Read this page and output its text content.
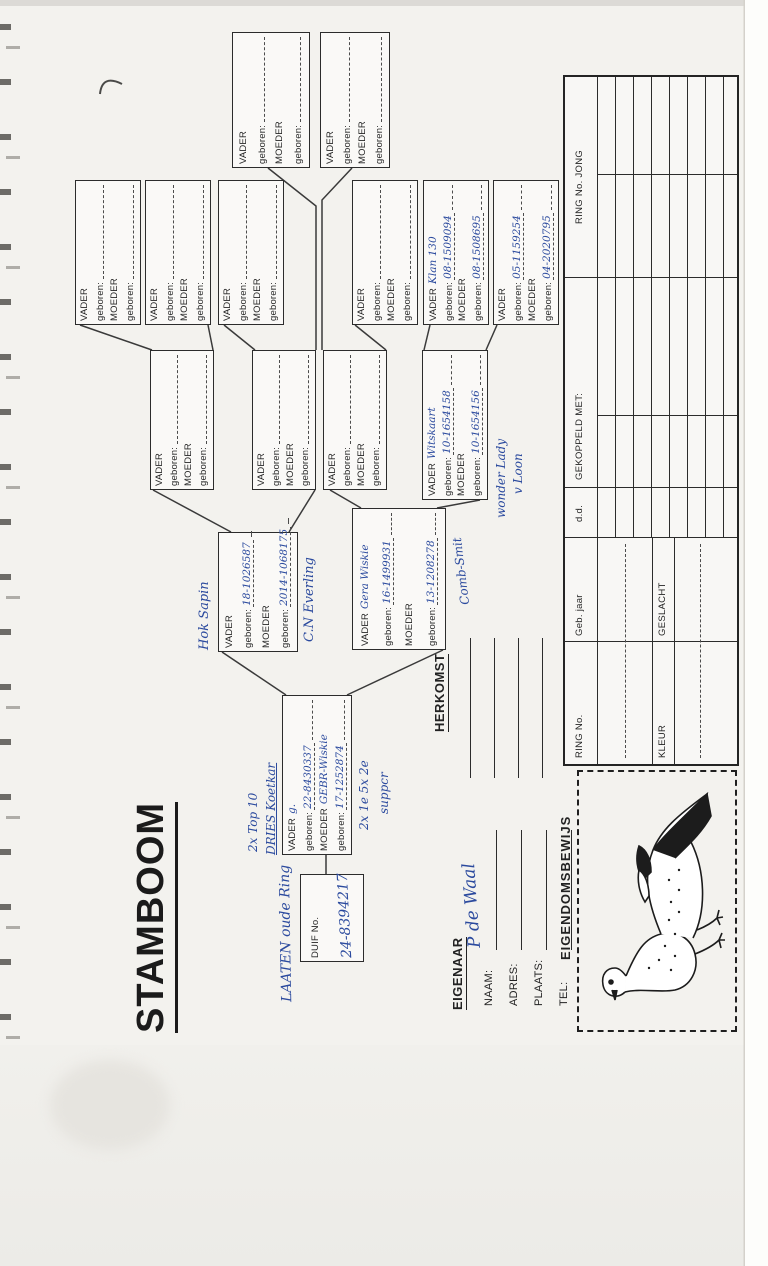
STAMBOOM	LAATEN oude Ring DUIF No. 24-8394217
2x Top 10 DRIES Koetkar VADER
g.
geboren:
22-8430337
MOEDER
GEBR-Wiskie
geboren:
17-1252874 2x 1e 5x 2e suppcr
Hok Sapin VADER geboren:
18-1026587
MOEDER geboren:
2014-1068175 C.N Everling	VADER
Gera Wiskie
geboren:
16-1499931
MOEDER geboren:
13-1208278 Comb-Smit
VADER geboren: MOEDER geboren:	VADER geboren: MOEDER geboren: VADER geboren: MOEDER geboren:	VADER
Witskaart
geboren:
10-1654158
MOEDER geboren:
10-1654156
wonder Lady v Loon
VADER geboren: MOEDER geboren: VADER geboren: MOEDER geboren: VADER geboren: MOEDER geboren:	VADER geboren: MOEDER geboren: VADER
Klan 130
geboren:
08-1509094
MOEDER geboren:
08-1508695
VADER geboren:
05-1159254
MOEDER geboren:
04-2020795
VADER geboren: MOEDER geboren: VADER geboren: MOEDER geboren:
HERKOMST
EIGENAAR NAAM:
P de Waal
ADRES: PLAATS: TEL:
EIGENDOMSBEWIJS
RING No.
Geb. jaar
d.d.
GEKOPPELD MET:
RING No. JONG
KLEUR
GESLACHT
